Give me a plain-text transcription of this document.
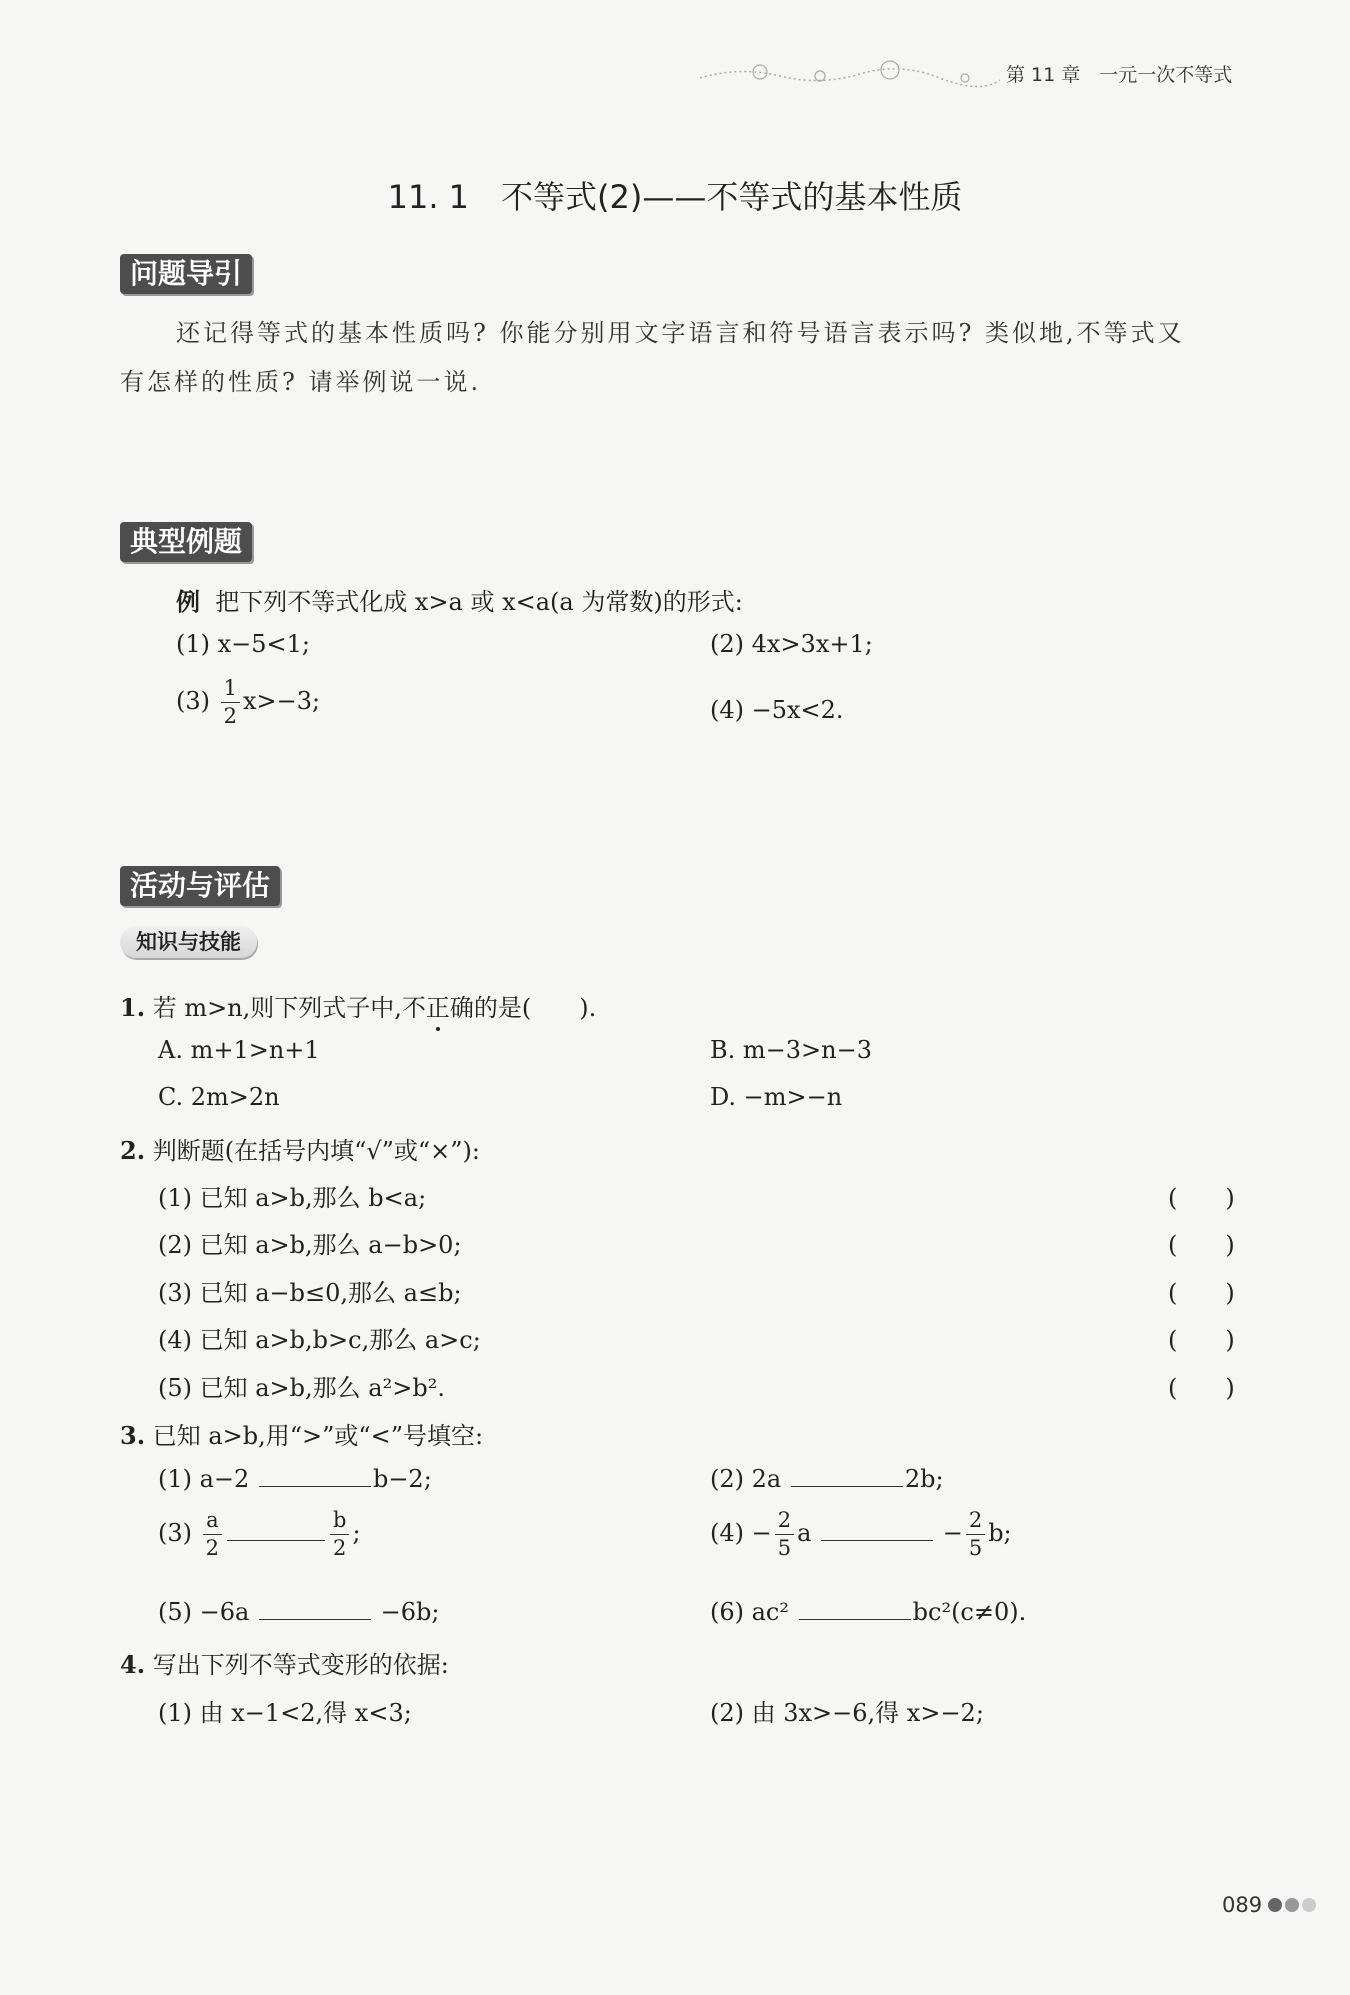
第 11 章　一元一次不等式
11. 1　不等式(2)——不等式的基本性质
问题导引
还记得等式的基本性质吗? 你能分别用文字语言和符号语言表示吗? 类似地,不等式又
有怎样的性质? 请举例说一说.
典型例题
例 把下列不等式化成 x>a 或 x<a(a 为常数)的形式:
(1) x−5<1;	(2) 4x>3x+1;
$(3) \frac{1}{2} x>-3$;	(4) −5x<2.
活动与评估
知识与技能
1. 若 m>n,则下列式子中,不正确的是(　　).
A. m+1>n+1	B. m−3>n−3
C. 2m>2n	D. −m>−n
2. 判断题(在括号内填“√”或“×”):
(1) 已知 a>b,那么 b<a;	(　　)
(2) 已知 a>b,那么 a−b>0;	(　　)
(3) 已知 a−b≤0,那么 a≤b;	(　　)
(4) 已知 a>b,b>c,那么 a>c;	(　　)
(5) 已知 a>b,那么 a²>b².	(　　)
3. 已知 a>b,用“>”或“<”号填空:
(1) a−2	b−2;	(2) 2a	2b;
$(3) \frac{a}{2}$	$\frac{b}{2}$ ;	$(4) - \frac{2}{5}$ a	− $\frac{2}{5} b$;
(5) −6a	−6b;	(6) ac²	bc²(c≠0).
4. 写出下列不等式变形的依据:
(1) 由 x−1<2,得 x<3;	(2) 由 3x>−6,得 x>−2;
089
